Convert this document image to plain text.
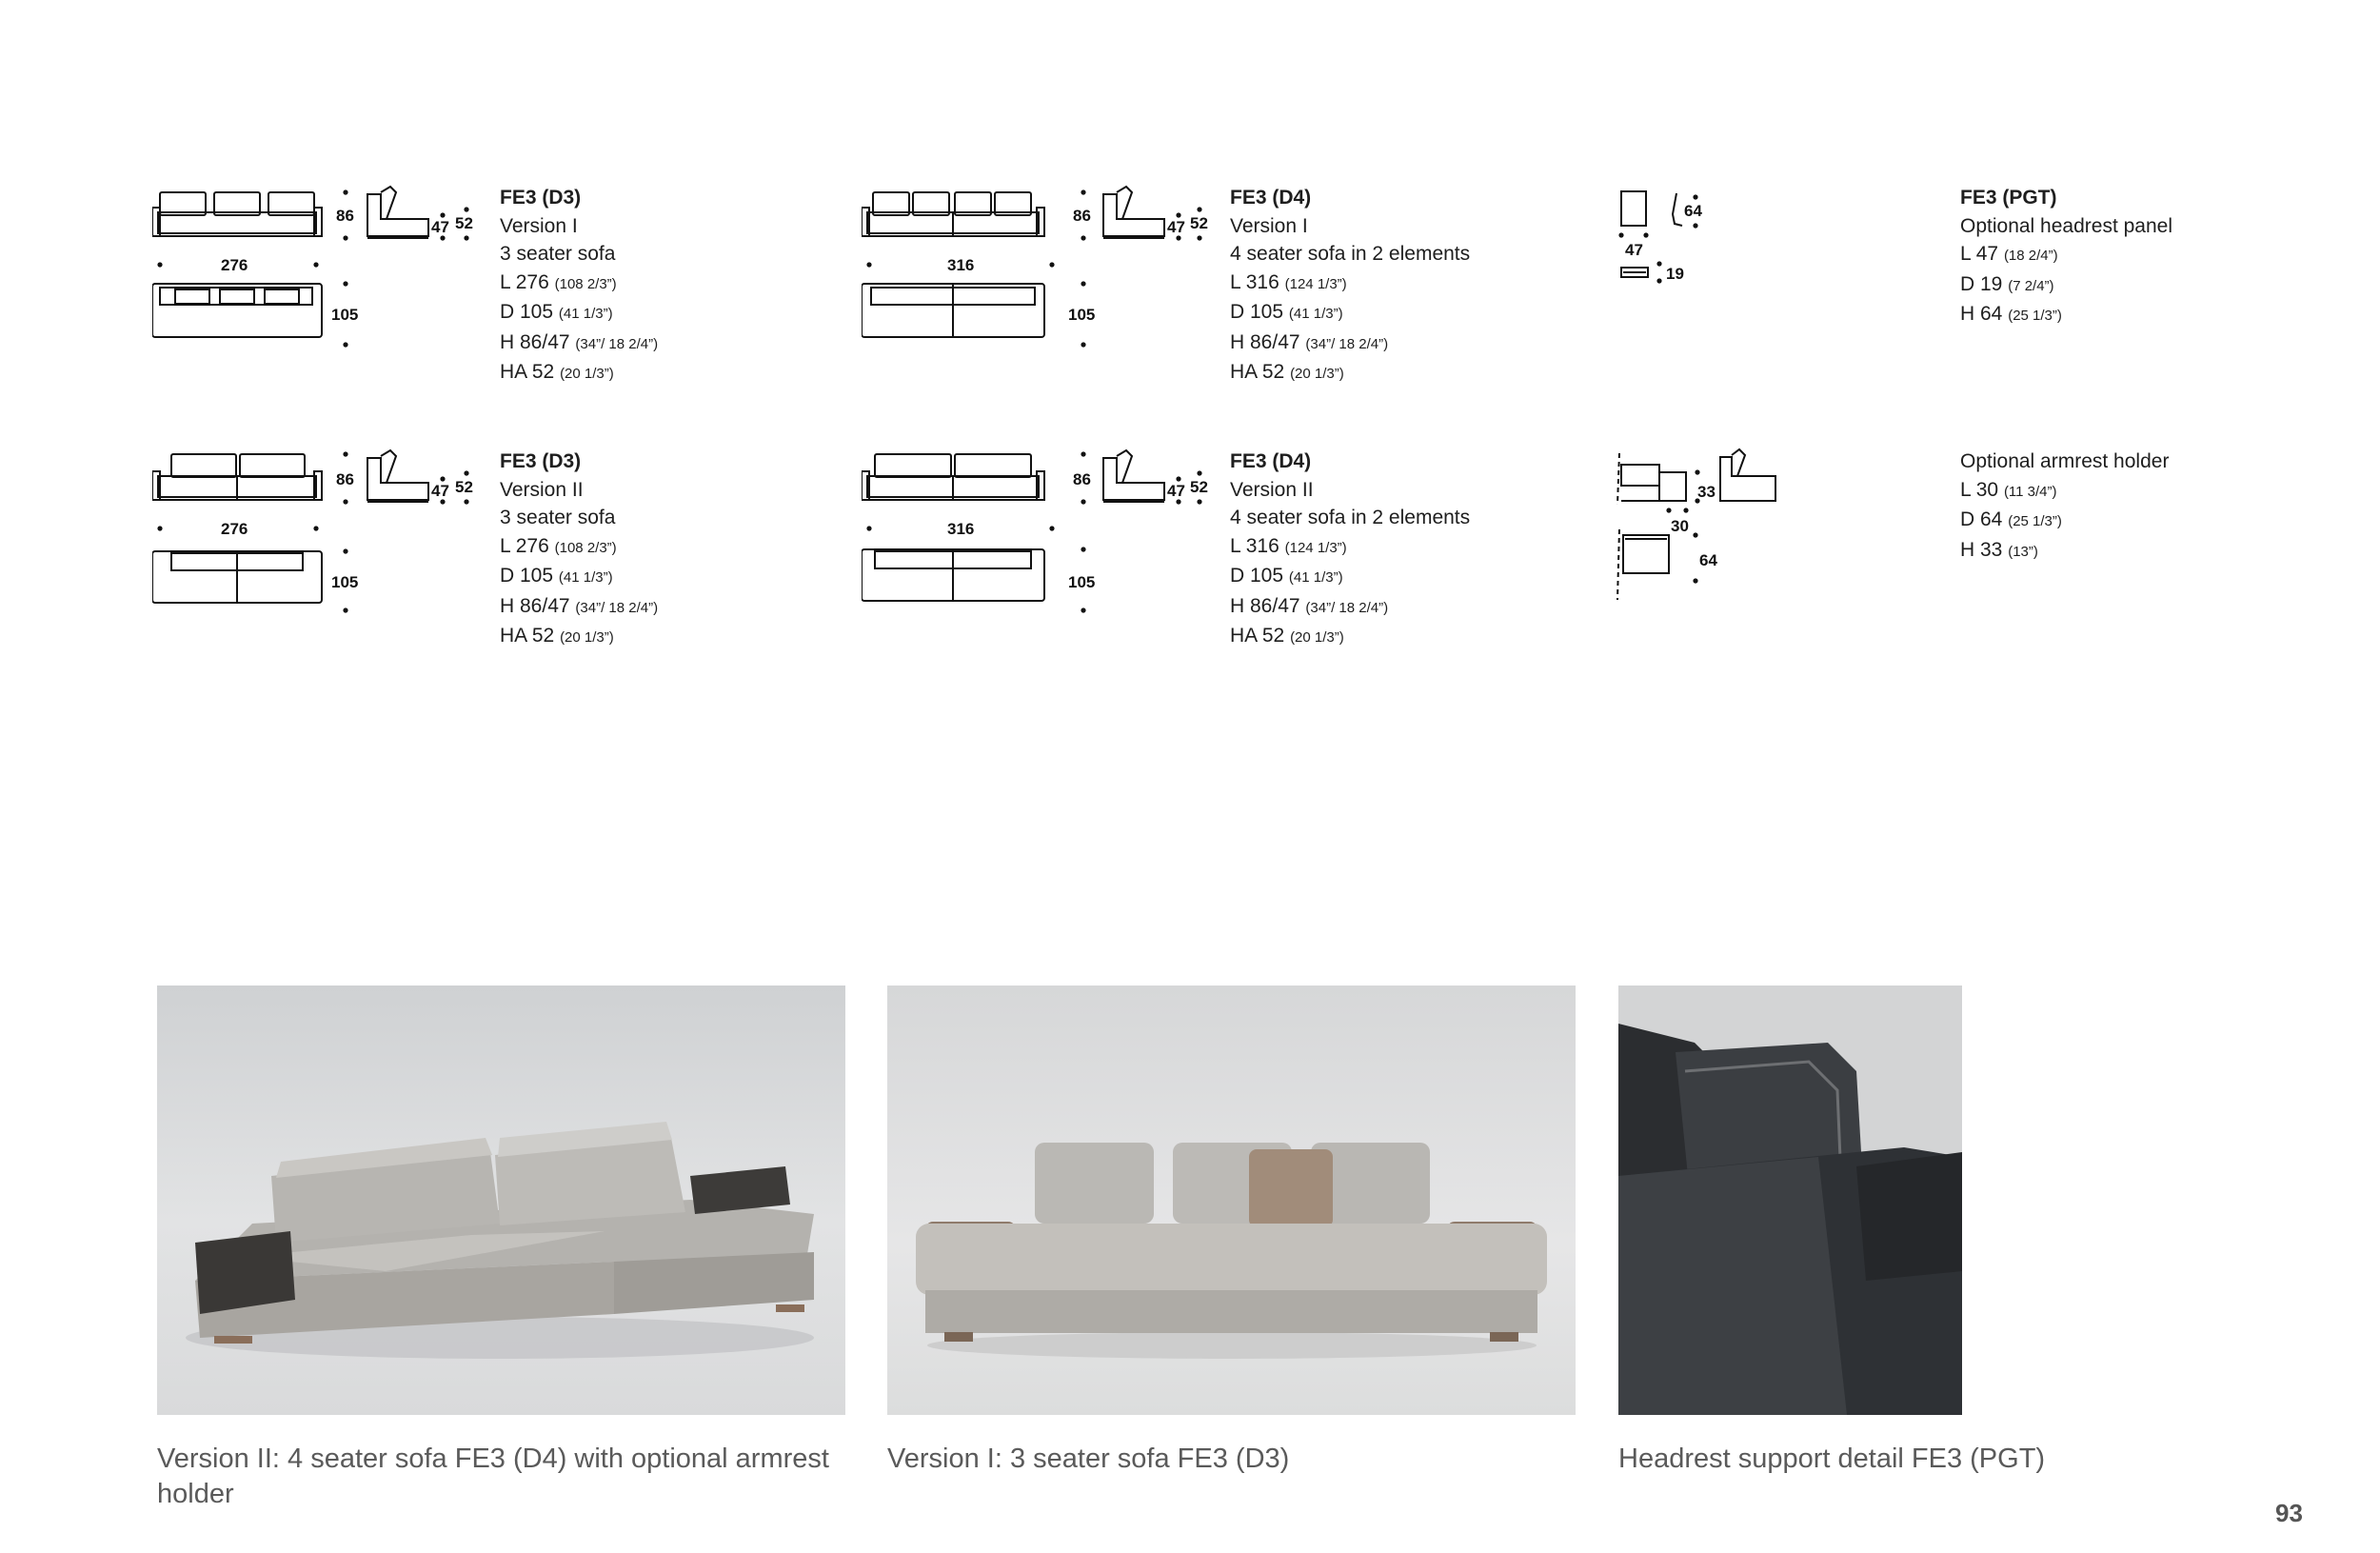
86
276
105
47 52
FE3 (D3)
Version I
3 seater sofa
L 276 (108 2/3”)
D 105 (41 1/3”)
H 86/47 (34”/ 18 2/4”)
HA 52 (20 1/3”)
86
316
105
47 52
FE3 (D4)
Version I
4 seater sofa in 2 elements
L 316 (124 1/3”)
D 105 (41 1/3”)
H 86/47 (34”/ 18 2/4”)
HA 52 (20 1/3”)
64
47
19
FE3 (PGT)
Optional headrest panel
L 47 (18 2/4”)
D 19 (7 2/4”)
H 64 (25 1/3”)
86
276
105
47 52
FE3 (D3)
Version II
3 seater sofa
L 276 (108 2/3”)
D 105 (41 1/3”)
H 86/47 (34”/ 18 2/4”)
HA 52 (20 1/3”)
86
316
105
47 52
FE3 (D4)
Version II
4 seater sofa in 2 elements
L 316 (124 1/3”)
D 105 (41 1/3”)
H 86/47 (34”/ 18 2/4”)
HA 52 (20 1/3”)
33
30
64
Optional armrest holder
L 30 (11 3/4”)
D 64 (25 1/3”)
H 33 (13”)
Version II: 4 seater sofa FE3 (D4) with optional armrest holder
Version I: 3 seater sofa FE3 (D3)	Headrest support detail FE3 (PGT)
93
